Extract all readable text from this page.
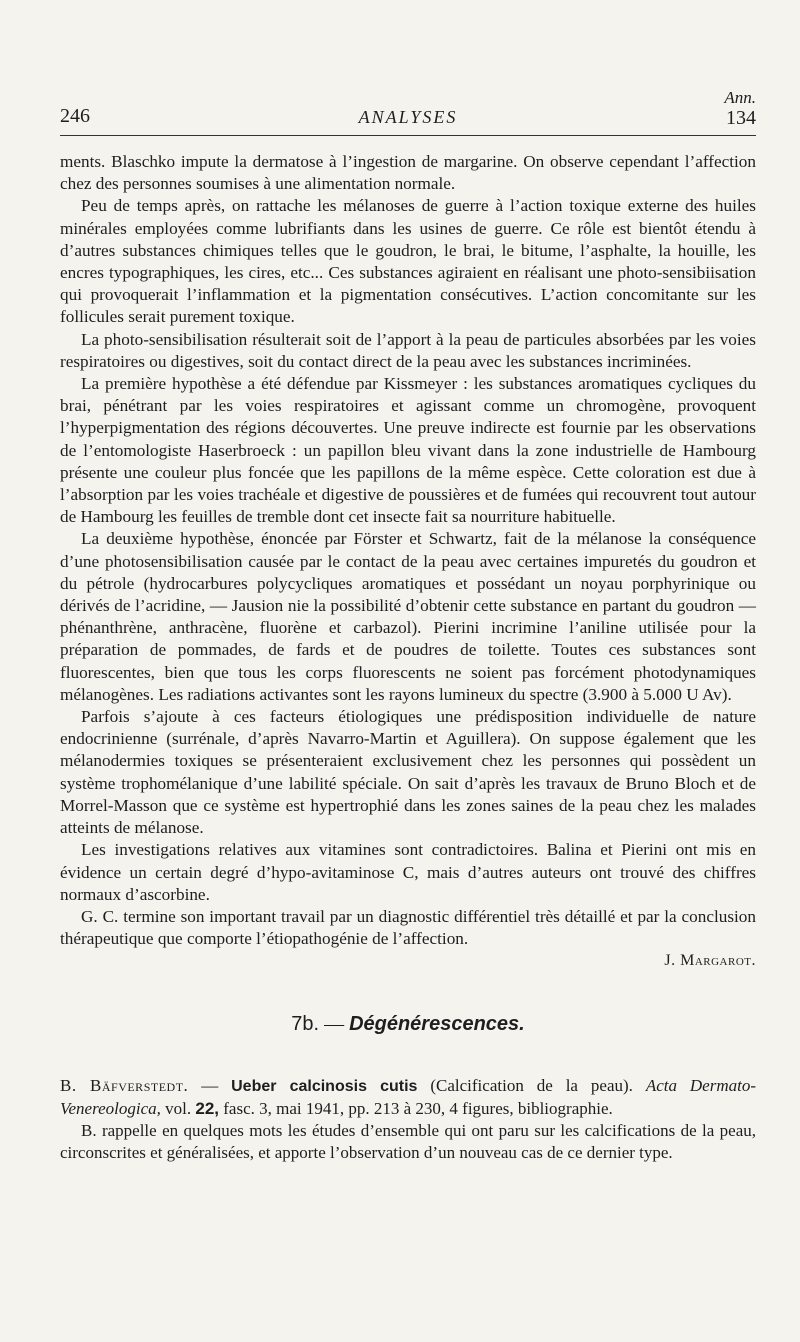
246	ANALYSES
Ann.
134

ments. Blaschko impute la dermatose à l’ingestion de margarine. On observe cependant l’affection chez des personnes soumises à une alimentation normale.

Peu de temps après, on rattache les mélanoses de guerre à l’action toxique externe des huiles minérales employées comme lubrifiants dans les usines de guerre. Ce rôle est bientôt étendu à d’autres substances chimiques telles que le goudron, le brai, le bitume, l’asphalte, la houille, les encres typographiques, les cires, etc... Ces substances agiraient en réalisant une photo-sensibiisation qui provoquerait l’inflammation et la pigmentation consécutives. L’action concomitante sur les follicules serait purement toxique.

La photo-sensibilisation résulterait soit de l’apport à la peau de particules absorbées par les voies respiratoires ou digestives, soit du contact direct de la peau avec les substances incriminées.

La première hypothèse a été défendue par Kissmeyer : les substances aromatiques cycliques du brai, pénétrant par les voies respiratoires et agissant comme un chromogène, provoquent l’hyperpigmentation des régions découvertes. Une preuve indirecte est fournie par les observations de l’entomologiste Haserbroeck : un papillon bleu vivant dans la zone industrielle de Hambourg présente une couleur plus foncée que les papillons de la même espèce. Cette coloration est due à l’absorption par les voies trachéale et digestive de poussières et de fumées qui recouvrent tout autour de Hambourg les feuilles de tremble dont cet insecte fait sa nourriture habituelle.

La deuxième hypothèse, énoncée par Förster et Schwartz, fait de la mélanose la conséquence d’une photosensibilisation causée par le contact de la peau avec certaines impuretés du goudron et du pétrole (hydrocarbures polycycliques aromatiques et possédant un noyau porphyrinique ou dérivés de l’acridine, — Jausion nie la possibilité d’obtenir cette substance en partant du goudron — phénanthrène, anthracène, fluorène et carbazol). Pierini incrimine l’aniline utilisée pour la préparation de pommades, de fards et de poudres de toilette. Toutes ces substances sont fluorescentes, bien que tous les corps fluorescents ne soient pas forcément photodynamiques mélanogènes. Les radiations activantes sont les rayons lumineux du spectre (3.900 à 5.000 U Av).

Parfois s’ajoute à ces facteurs étiologiques une prédisposition individuelle de nature endocrinienne (surrénale, d’après Navarro-Martin et Aguillera). On suppose également que les mélanodermies toxiques se présenteraient exclusivement chez les personnes qui possèdent un système trophomélanique d’une labilité spéciale. On sait d’après les travaux de Bruno Bloch et de Morrel-Masson que ce système est hypertrophié dans les zones saines de la peau chez les malades atteints de mélanose.

Les investigations relatives aux vitamines sont contradictoires. Balina et Pierini ont mis en évidence un certain degré d’hypo-avitaminose C, mais d’autres auteurs ont trouvé des chiffres normaux d’ascorbine.

G. C. termine son important travail par un diagnostic différentiel très détaillé et par la conclusion thérapeutique que comporte l’étiopathogénie de l’affection.

J. Margarot.

7b. — Dégénérescences.

B. Bäfverstedt. — Ueber calcinosis cutis (Calcification de la peau). Acta Dermato-Venereologica, vol. 22, fasc. 3, mai 1941, pp. 213 à 230, 4 figures, bibliographie.

B. rappelle en quelques mots les études d’ensemble qui ont paru sur les calcifications de la peau, circonscrites et généralisées, et apporte l’observation d’un nouveau cas de ce dernier type.
